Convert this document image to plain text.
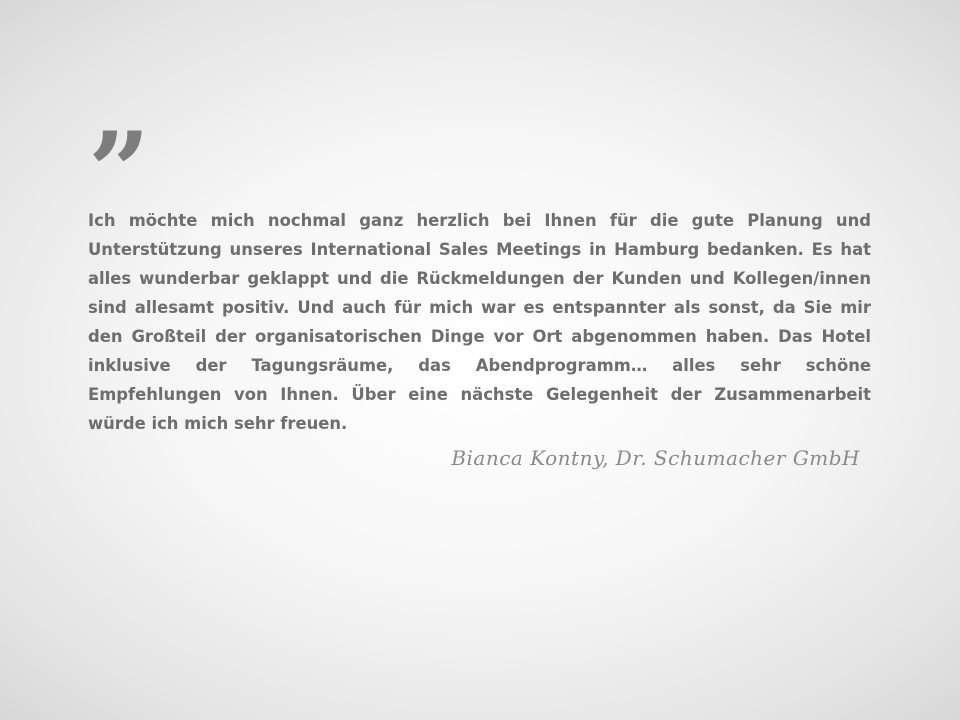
”

Ich möchte mich nochmal ganz herzlich bei Ihnen für die gute Planung und Unterstützung unseres International Sales Meetings in Hamburg bedanken. Es hat alles wunderbar geklappt und die Rückmeldungen der Kunden und Kollegen/innen sind allesamt positiv. Und auch für mich war es entspannter als sonst, da Sie mir den Großteil der organisatorischen Dinge vor Ort abgenommen haben. Das Hotel inklusive der Tagungsräume, das Abendprogramm… alles sehr schöne Empfehlungen von Ihnen. Über eine nächste Gelegenheit der Zusammenarbeit würde ich mich sehr freuen.

Bianca Kontny, Dr. Schumacher GmbH
